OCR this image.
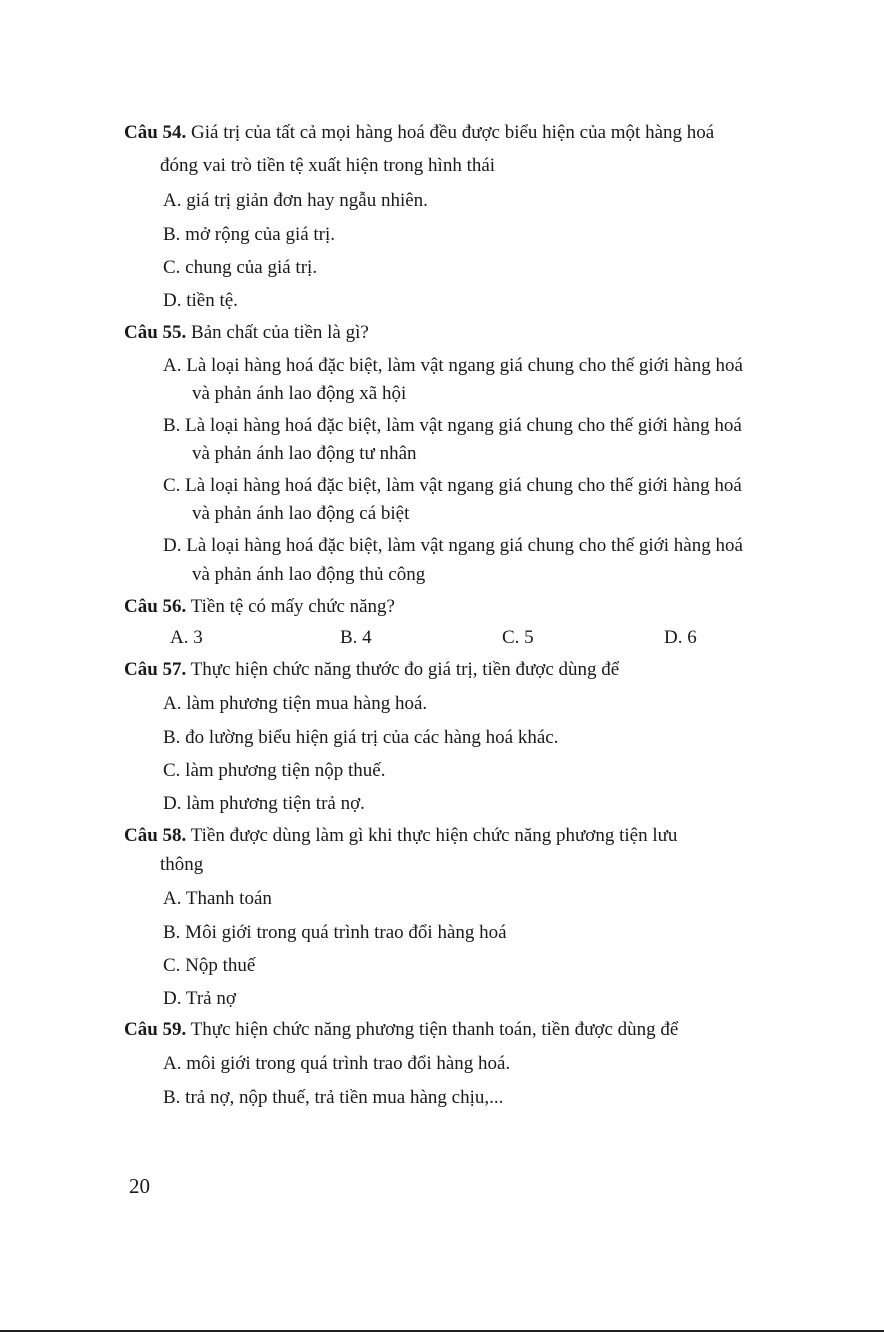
Câu 54. Giá trị của tất cả mọi hàng hoá đều được biểu hiện của một hàng hoá
đóng vai trò tiền tệ xuất hiện trong hình thái
A. giá trị giản đơn hay ngẫu nhiên.
B. mở rộng của giá trị.
C. chung của giá trị.
D. tiền tệ.
Câu 55. Bản chất của tiền là gì?
A. Là loại hàng hoá đặc biệt, làm vật ngang giá chung cho thế giới hàng hoá
và phản ánh lao động xã hội
B. Là loại hàng hoá đặc biệt, làm vật ngang giá chung cho thế giới hàng hoá
và phản ánh lao động tư nhân
C. Là loại hàng hoá đặc biệt, làm vật ngang giá chung cho thế giới hàng hoá
và phản ánh lao động cá biệt
D. Là loại hàng hoá đặc biệt, làm vật ngang giá chung cho thế giới hàng hoá
và phản ánh lao động thủ công
Câu 56. Tiền tệ có mấy chức năng?
A. 3	B. 4	C. 5	D. 6
Câu 57. Thực hiện chức năng thước đo giá trị, tiền được dùng để
A. làm phương tiện mua hàng hoá.
B. đo lường biểu hiện giá trị của các hàng hoá khác.
C. làm phương tiện nộp thuế.
D. làm phương tiện trả nợ.
Câu 58. Tiền được dùng làm gì khi thực hiện chức năng phương tiện lưu
thông
A. Thanh toán
B. Môi giới trong quá trình trao đổi hàng hoá
C. Nộp thuế
D. Trả nợ
Câu 59. Thực hiện chức năng phương tiện thanh toán, tiền được dùng để
A. môi giới trong quá trình trao đổi hàng hoá.
B. trả nợ, nộp thuế, trả tiền mua hàng chịu,...
20
